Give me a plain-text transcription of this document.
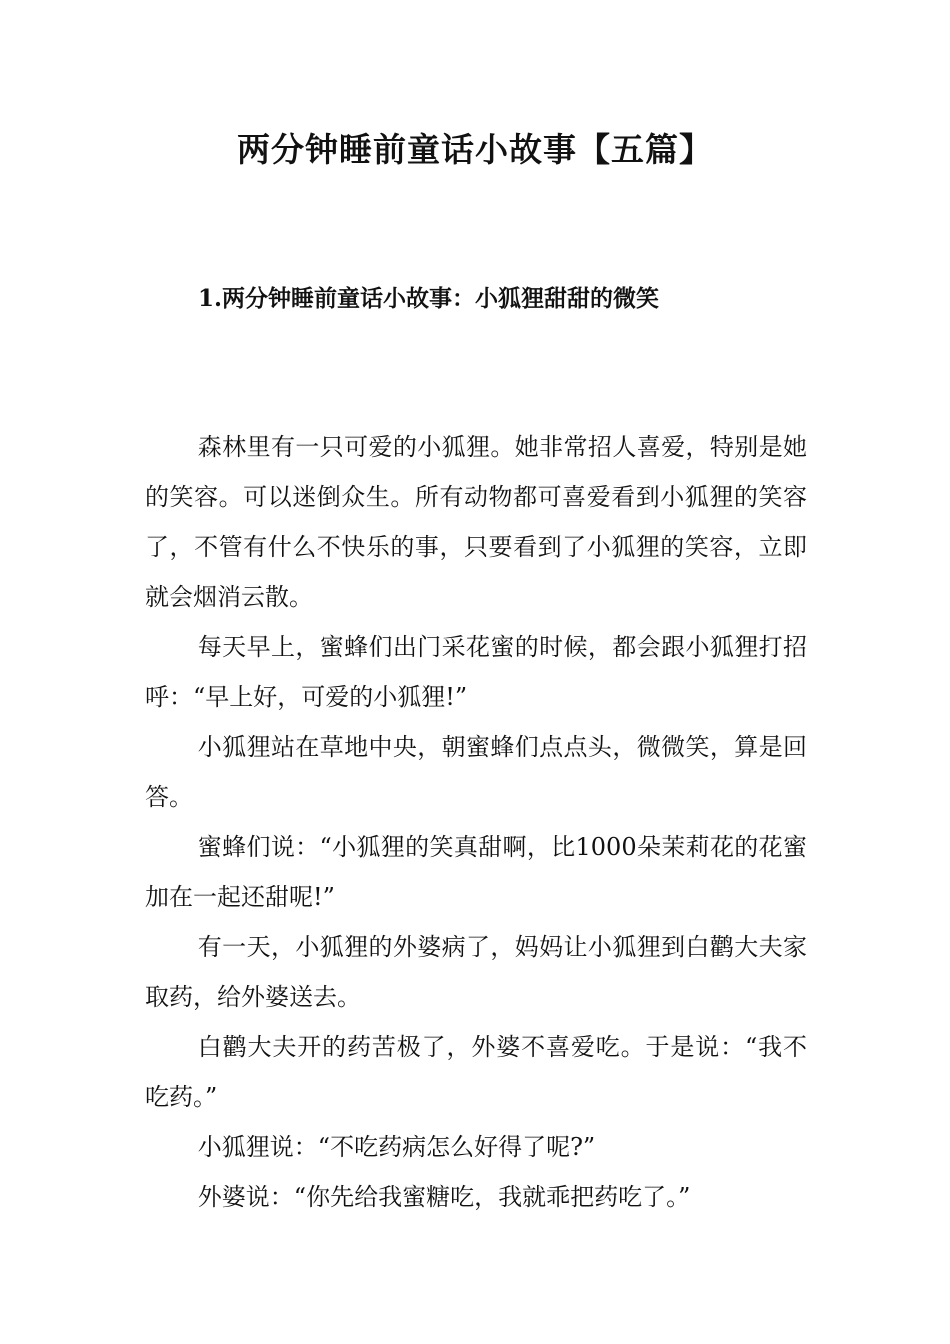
两分钟睡前童话小故事【五篇】
1.两分钟睡前童话小故事：小狐狸甜甜的微笑

森林里有一只可爱的小狐狸。她非常招人喜爱，特别是她的笑容。可以迷倒众生。所有动物都可喜爱看到小狐狸的笑容了，不管有什么不快乐的事，只要看到了小狐狸的笑容，立即就会烟消云散。

每天早上，蜜蜂们出门采花蜜的时候，都会跟小狐狸打招呼：“早上好，可爱的小狐狸!”

小狐狸站在草地中央，朝蜜蜂们点点头，微微笑，算是回答。

蜜蜂们说：“小狐狸的笑真甜啊，比1000朵茉莉花的花蜜加在一起还甜呢!”

有一天，小狐狸的外婆病了，妈妈让小狐狸到白鹳大夫家取药，给外婆送去。

白鹳大夫开的药苦极了，外婆不喜爱吃。于是说：“我不吃药。”

小狐狸说：“不吃药病怎么好得了呢?”

外婆说：“你先给我蜜糖吃，我就乖把药吃了。”
